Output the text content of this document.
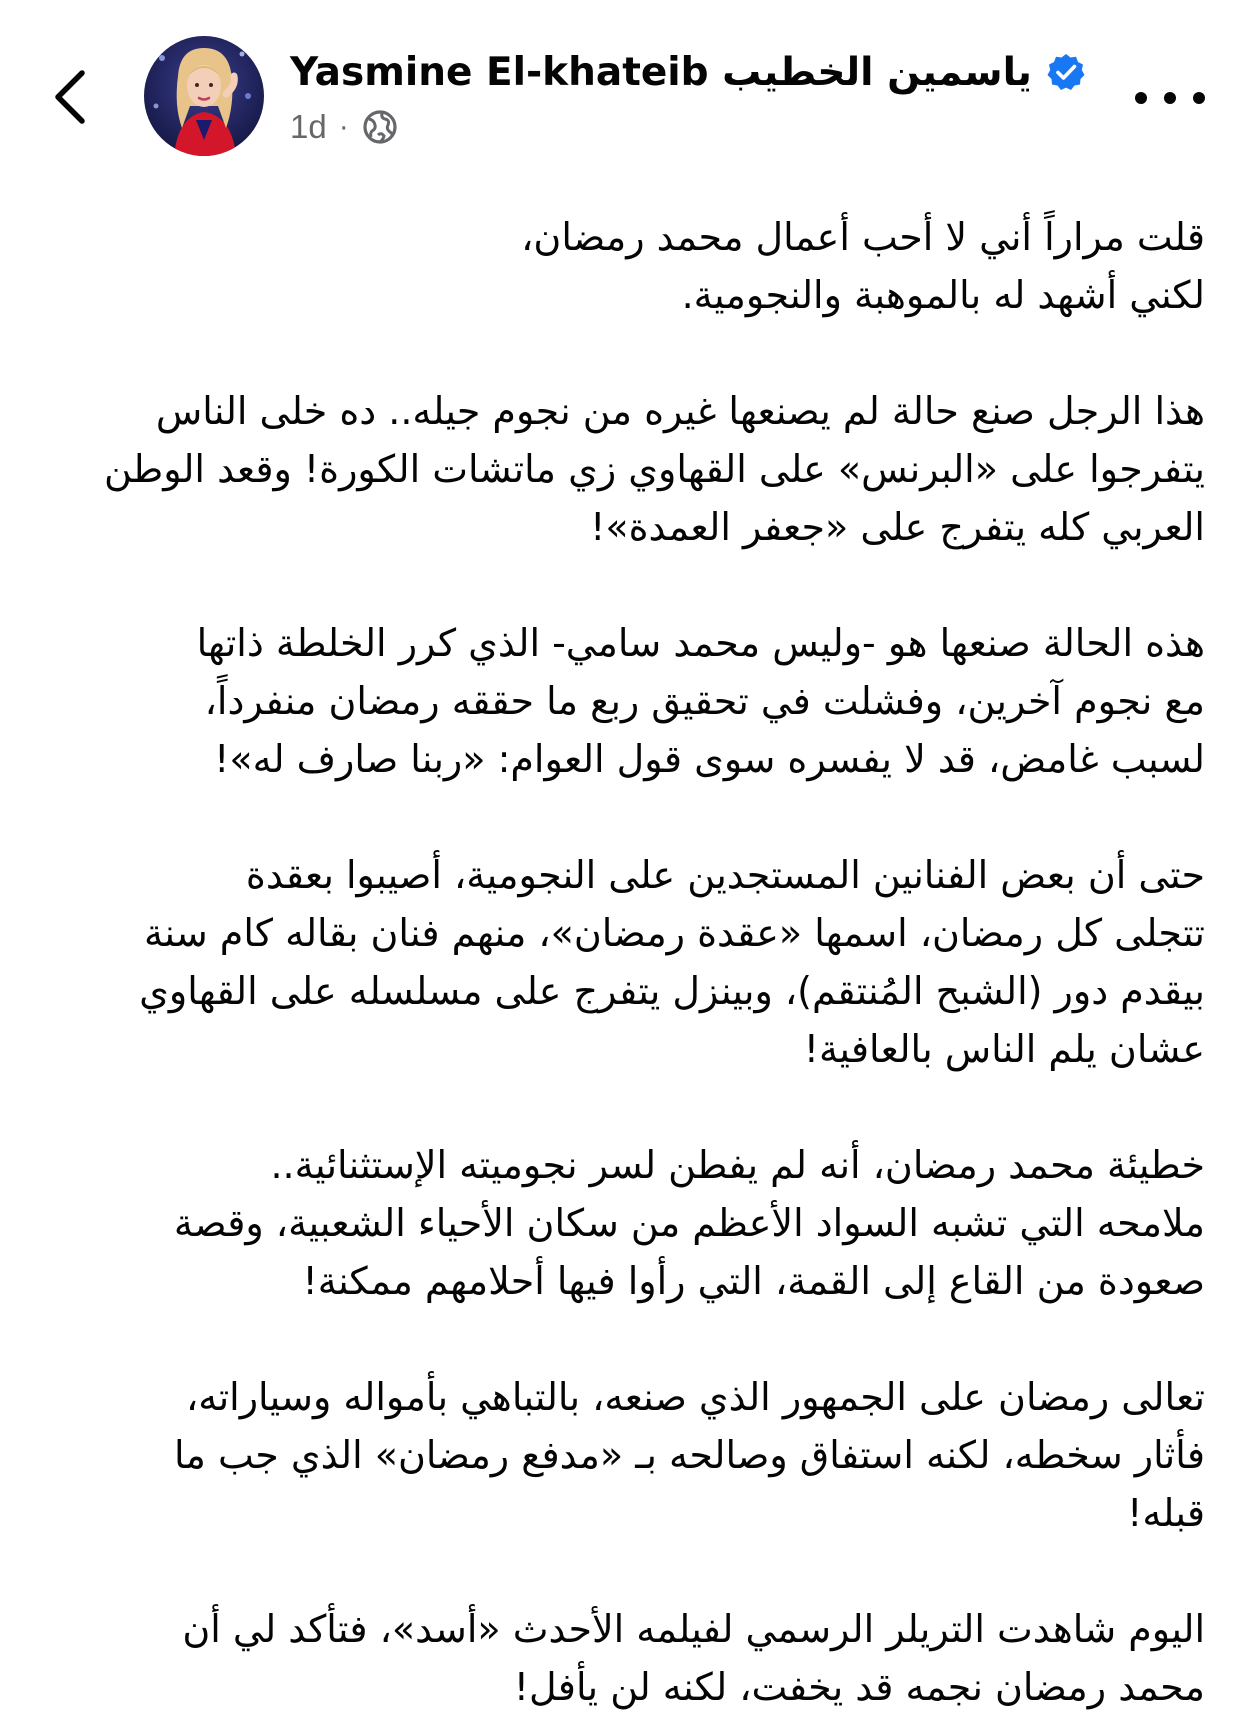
Yasmine El-khateib ياسمين الخطيب
1d ·

قلت مراراً أني لا أحب أعمال محمد رمضان،
لكني أشهد له بالموهبة والنجومية.

هذا الرجل صنع حالة لم يصنعها غيره من نجوم جيله.. ده خلى الناس
يتفرجوا على «البرنس» على القهاوي زي ماتشات الكورة! وقعد الوطن
العربي كله يتفرج على «جعفر العمدة»!

هذه الحالة صنعها هو -وليس محمد سامي- الذي كرر الخلطة ذاتها
مع نجوم آخرين، وفشلت في تحقيق ربع ما حققه رمضان منفرداً،
لسبب غامض، قد لا يفسره سوى قول العوام: «ربنا صارف له»!

حتى أن بعض الفنانين المستجدين على النجومية، أصيبوا بعقدة
تتجلى كل رمضان، اسمها «عقدة رمضان»، منهم فنان بقاله كام سنة
بيقدم دور (الشبح المُنتقم)، وبينزل يتفرج على مسلسله على القهاوي
عشان يلم الناس بالعافية!

خطيئة محمد رمضان، أنه لم يفطن لسر نجوميته الإستثنائية..
ملامحه التي تشبه السواد الأعظم من سكان الأحياء الشعبية، وقصة
صعودة من القاع إلى القمة، التي رأوا فيها أحلامهم ممكنة!

تعالى رمضان على الجمهور الذي صنعه، بالتباهي بأمواله وسياراته،
فأثار سخطه، لكنه استفاق وصالحه بـ «مدفع رمضان» الذي جب ما
قبله!

اليوم شاهدت التريلر الرسمي لفيلمه الأحدث «أسد»، فتأكد لي أن
محمد رمضان نجمه قد يخفت، لكنه لن يأفل!
